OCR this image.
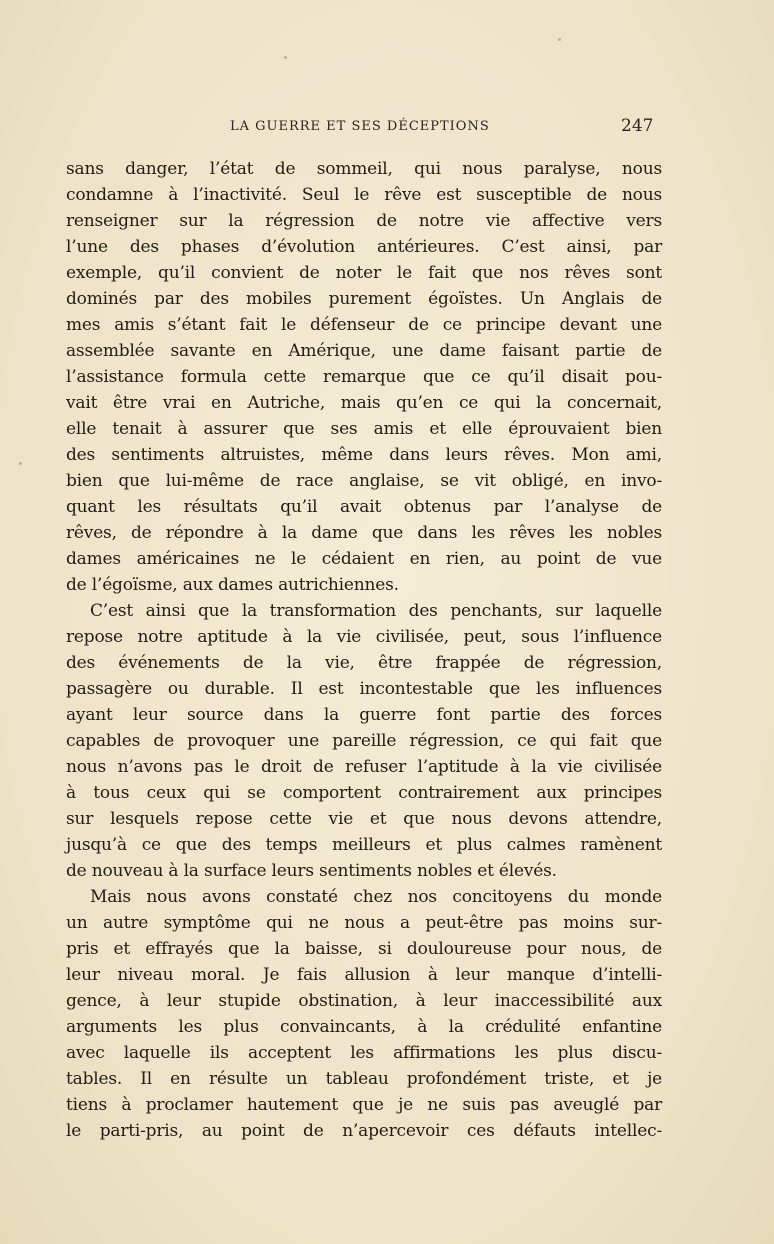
LA GUERRE ET SES DÉCEPTIONS	247
sans danger, l’état de sommeil, qui nous paralyse, nous
condamne à l’inactivité. Seul le rêve est susceptible de nous
renseigner sur la régression de notre vie affective vers
l’une des phases d’évolution antérieures. C’est ainsi, par
exemple, qu’il convient de noter le fait que nos rêves sont
dominés par des mobiles purement égoïstes. Un Anglais de
mes amis s’étant fait le défenseur de ce principe devant une
assemblée savante en Amérique, une dame faisant partie de
l’assistance formula cette remarque que ce qu’il disait pou-
vait être vrai en Autriche, mais qu’en ce qui la concernait,
elle tenait à assurer que ses amis et elle éprouvaient bien
des sentiments altruistes, même dans leurs rêves. Mon ami,
bien que lui-même de race anglaise, se vit obligé, en invo-
quant les résultats qu’il avait obtenus par l’analyse de
rêves, de répondre à la dame que dans les rêves les nobles
dames américaines ne le cédaient en rien, au point de vue
de l’égoïsme, aux dames autrichiennes.
C’est ainsi que la transformation des penchants, sur laquelle
repose notre aptitude à la vie civilisée, peut, sous l’influence
des événements de la vie, être frappée de régression,
passagère ou durable. Il est incontestable que les influences
ayant leur source dans la guerre font partie des forces
capables de provoquer une pareille régression, ce qui fait que
nous n’avons pas le droit de refuser l’aptitude à la vie civilisée
à tous ceux qui se comportent contrairement aux principes
sur lesquels repose cette vie et que nous devons attendre,
jusqu’à ce que des temps meilleurs et plus calmes ramènent
de nouveau à la surface leurs sentiments nobles et élevés.
Mais nous avons constaté chez nos concitoyens du monde
un autre symptôme qui ne nous a peut-être pas moins sur-
pris et effrayés que la baisse, si douloureuse pour nous, de
leur niveau moral. Je fais allusion à leur manque d’intelli-
gence, à leur stupide obstination, à leur inaccessibilité aux
arguments les plus convaincants, à la crédulité enfantine
avec laquelle ils acceptent les affirmations les plus discu-
tables. Il en résulte un tableau profondément triste, et je
tiens à proclamer hautement que je ne suis pas aveuglé par
le parti-pris, au point de n’apercevoir ces défauts intellec-
